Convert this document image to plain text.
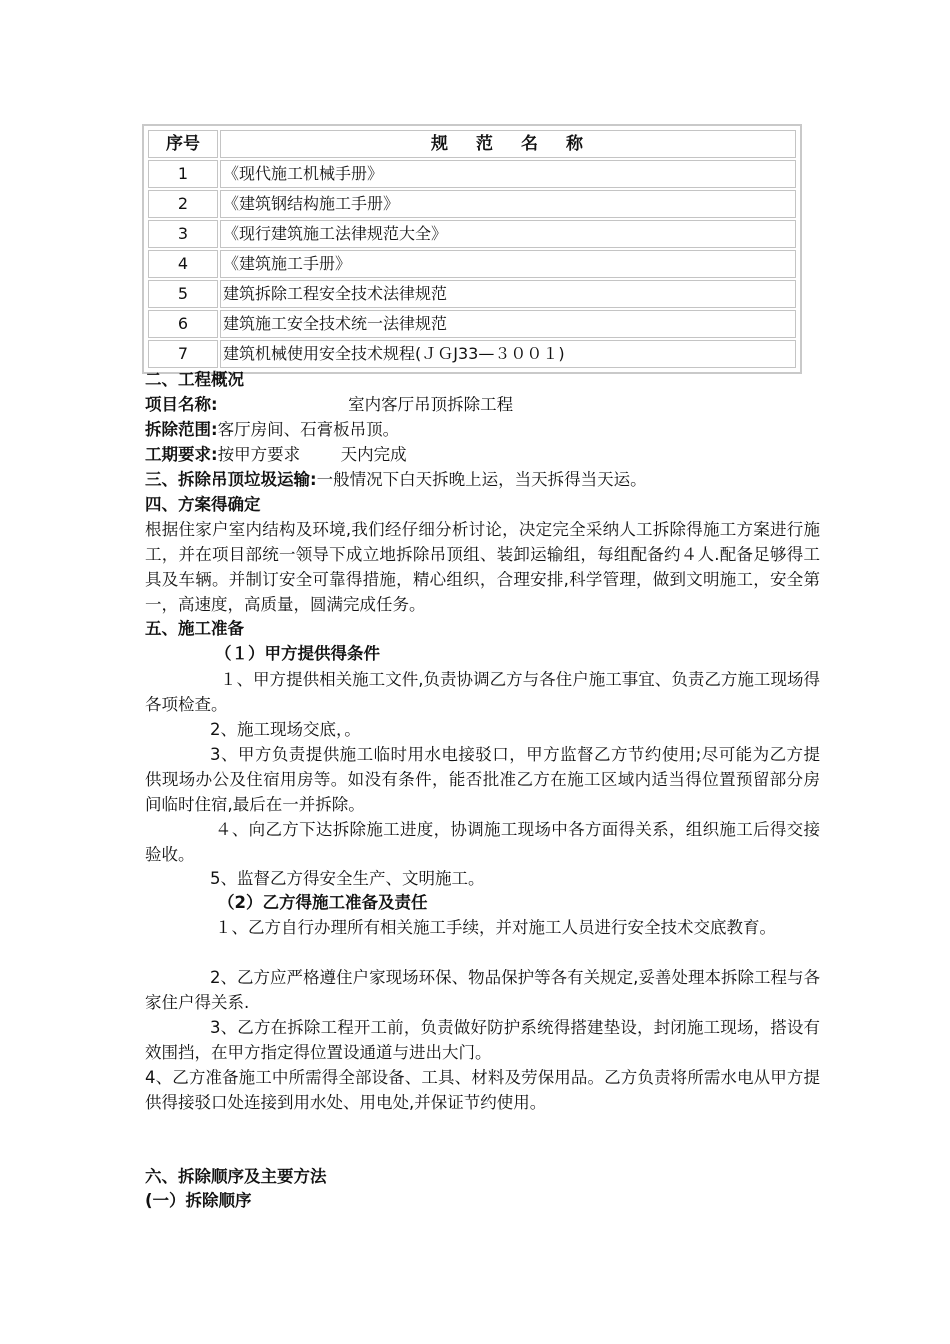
序号	规范名称
1	《现代施工机械手册》
2	《建筑钢结构施工手册》
3	《现行建筑施工法律规范大全》
4	《建筑施工手册》
5	建筑拆除工程安全技术法律规范
6	建筑施工安全技术统一法律规范
7	建筑机械使用安全技术规程(ＪＧJ33—３００１)
二、工程概况
项目名称:	室内客厅吊顶拆除工程
拆除范围:客厅房间、石膏板吊顶。
工期要求:按甲方要求 天内完成
三、拆除吊顶垃圾运输:一般情况下白天拆晚上运，当天拆得当天运。
四、方案得确定
根据住家户室内结构及环境,我们经仔细分析讨论，决定完全采纳人工拆除得施工方案进行施工，并在项目部统一领导下成立地拆除吊顶组、装卸运输组，每组配备约４人.配备足够得工具及车辆。并制订安全可靠得措施，精心组织，合理安排,科学管理，做到文明施工，安全第一，高速度，高质量，圆满完成任务。
五、施工准备
（１）甲方提供得条件
１、甲方提供相关施工文件,负责协调乙方与各住户施工事宜、负责乙方施工现场得各项检查。
2、施工现场交底，。
3、甲方负责提供施工临时用水电接驳口，甲方监督乙方节约使用;尽可能为乙方提供现场办公及住宿用房等。如没有条件，能否批准乙方在施工区域内适当得位置预留部分房间临时住宿,最后在一并拆除。
４、向乙方下达拆除施工进度，协调施工现场中各方面得关系，组织施工后得交接验收。
5、监督乙方得安全生产、文明施工。
（2）乙方得施工准备及责任
１、乙方自行办理所有相关施工手续，并对施工人员进行安全技术交底教育。
2、乙方应严格遵住户家现场环保、物品保护等各有关规定,妥善处理本拆除工程与各家住户得关系.
3、乙方在拆除工程开工前，负责做好防护系统得搭建垫设，封闭施工现场，搭设有效围挡，在甲方指定得位置设通道与进出大门。
4、乙方准备施工中所需得全部设备、工具、材料及劳保用品。乙方负责将所需水电从甲方提供得接驳口处连接到用水处、用电处,并保证节约使用。
六、拆除顺序及主要方法
(一）拆除顺序
